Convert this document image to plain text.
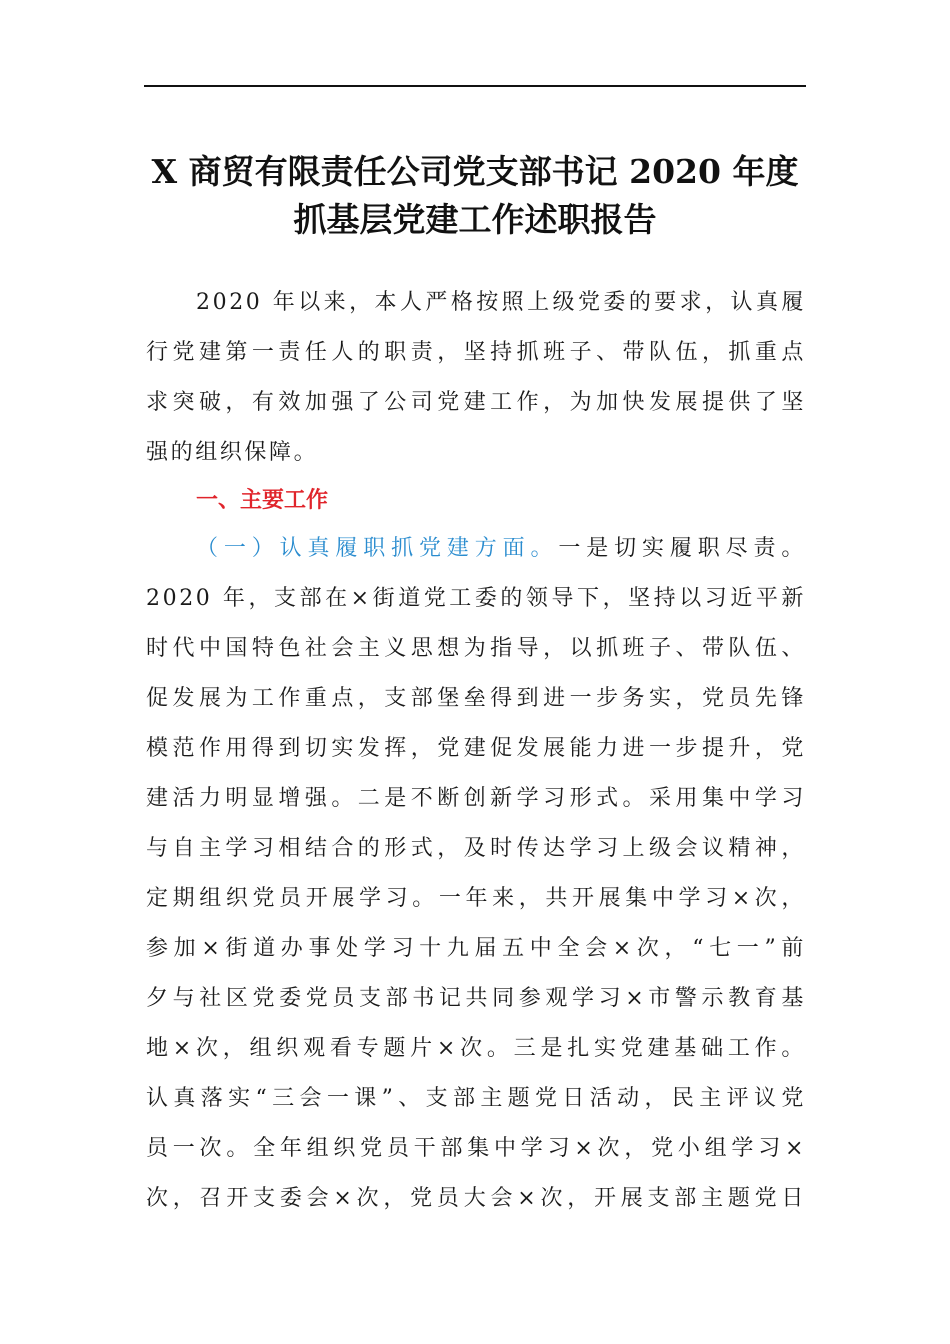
X 商贸有限责任公司党支部书记 2020 年度
抓基层党建工作述职报告
2020 年以来，本人严格按照上级党委的要求，认真履
行党建第一责任人的职责，坚持抓班子、带队伍，抓重点
求突破，有效加强了公司党建工作，为加快发展提供了坚
强的组织保障。
一、主要工作
（一）认真履职抓党建方面。一是切实履职尽责。
2020 年，支部在×街道党工委的领导下，坚持以习近平新
时代中国特色社会主义思想为指导，以抓班子、带队伍、
促发展为工作重点，支部堡垒得到进一步务实，党员先锋
模范作用得到切实发挥，党建促发展能力进一步提升，党
建活力明显增强。二是不断创新学习形式。采用集中学习
与自主学习相结合的形式，及时传达学习上级会议精神，
定期组织党员开展学习。一年来，共开展集中学习×次，
参加×街道办事处学习十九届五中全会×次，“七一”前
夕与社区党委党员支部书记共同参观学习×市警示教育基
地×次，组织观看专题片×次。三是扎实党建基础工作。
认真落实“三会一课”、支部主题党日活动，民主评议党
员一次。全年组织党员干部集中学习×次，党小组学习×
次，召开支委会×次，党员大会×次，开展支部主题党日
